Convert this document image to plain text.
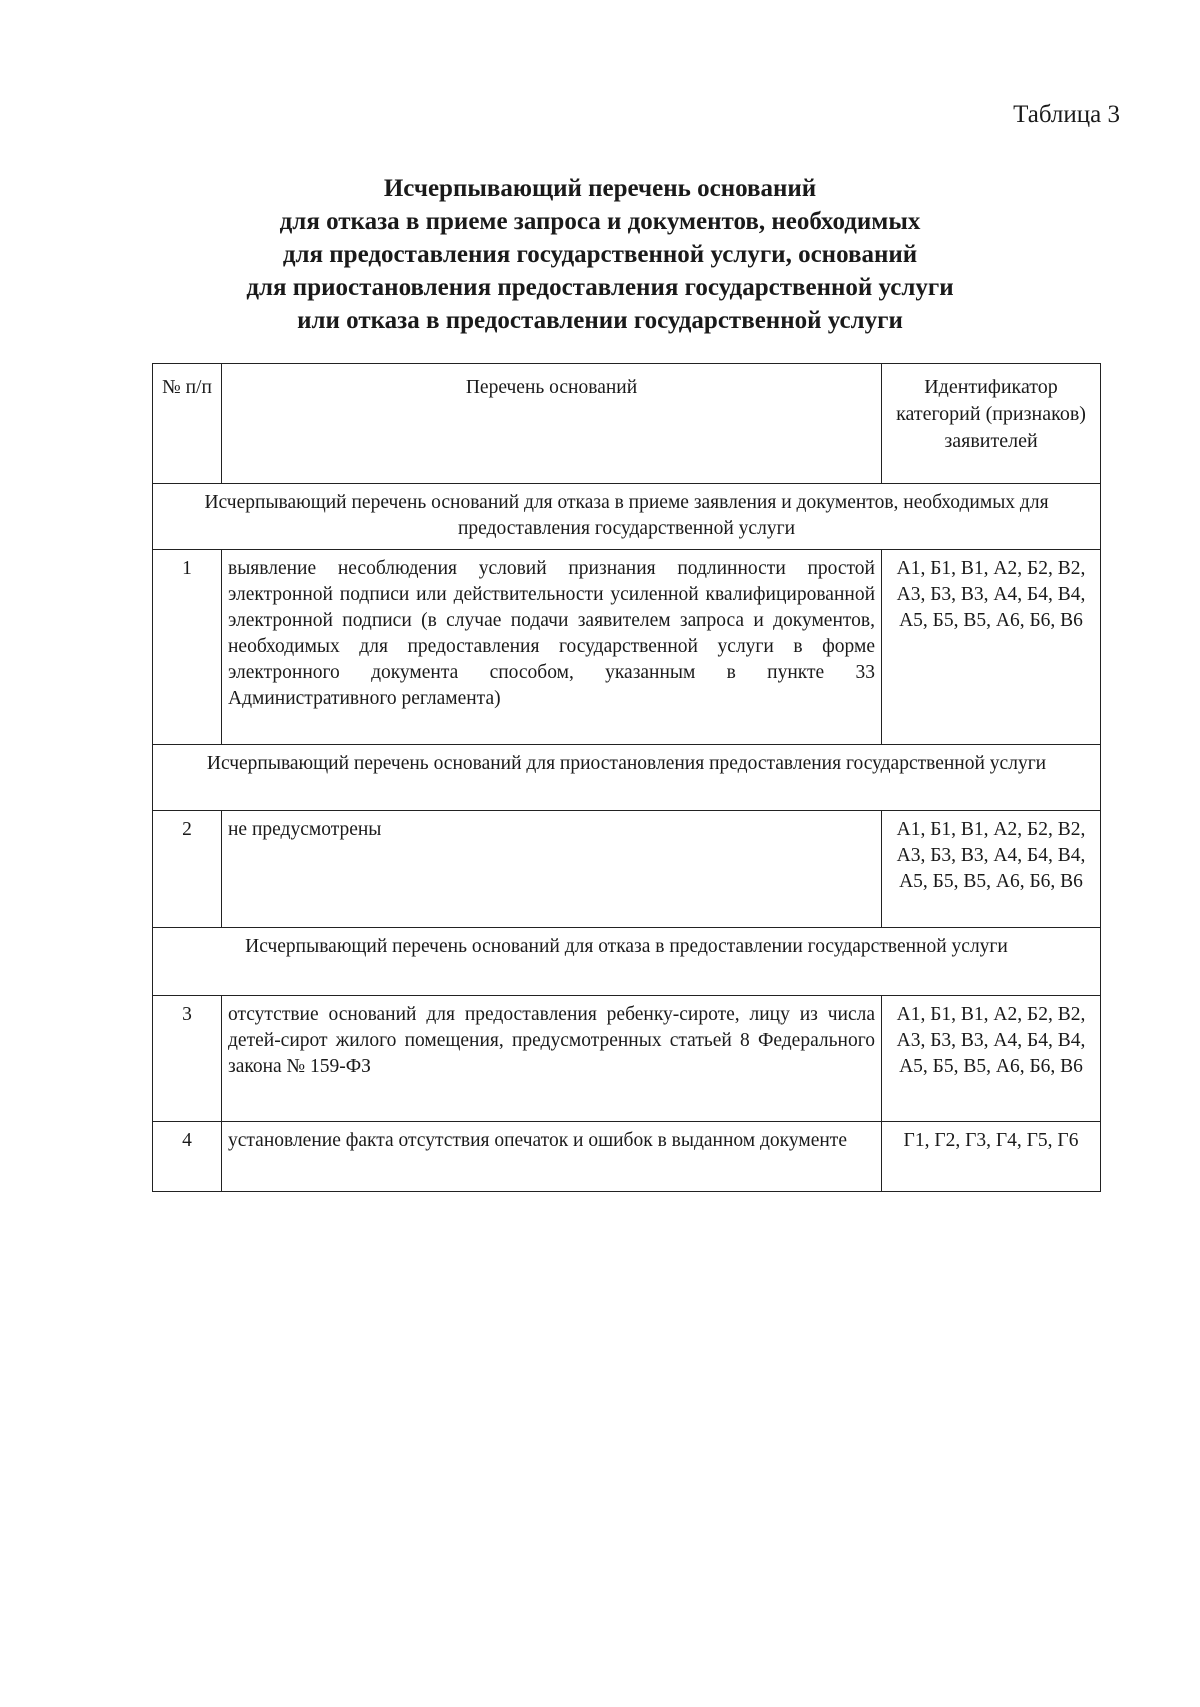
Таблица 3
Исчерпывающий перечень оснований
для отказа в приеме запроса и документов, необходимых
для предоставления государственной услуги, оснований
для приостановления предоставления государственной услуги
или отказа в предоставлении государственной услуги
№ п/п	Перечень оснований	Идентификатор категорий (признаков) заявителей
Исчерпывающий перечень оснований для отказа в приеме заявления и документов, необходимых для предоставления государственной услуги		
1	выявление несоблюдения условий признания подлинности простой электронной подписи или действительности усиленной квалифицированной электронной подписи (в случае подачи заявителем запроса и документов, необходимых для предоставления государственной услуги в форме электронного документа способом, указанным в пункте 33 Административного регламента)	А1, Б1, В1, А2, Б2, В2, А3, Б3, В3, А4, Б4, В4, А5, Б5, В5, А6, Б6, В6
Исчерпывающий перечень оснований для приостановления предоставления государственной услуги		
2	не предусмотрены	А1, Б1, В1, А2, Б2, В2, А3, Б3, В3, А4, Б4, В4, А5, Б5, В5, А6, Б6, В6
Исчерпывающий перечень оснований для отказа в предоставлении государственной услуги		
3	отсутствие оснований для предоставления ребенку-сироте, лицу из числа детей-сирот жилого помещения, предусмотренных статьей 8 Федерального закона № 159-ФЗ	А1, Б1, В1, А2, Б2, В2, А3, Б3, В3, А4, Б4, В4, А5, Б5, В5, А6, Б6, В6
4	установление факта отсутствия опечаток и ошибок в выданном документе	Г1, Г2, Г3, Г4, Г5, Г6
